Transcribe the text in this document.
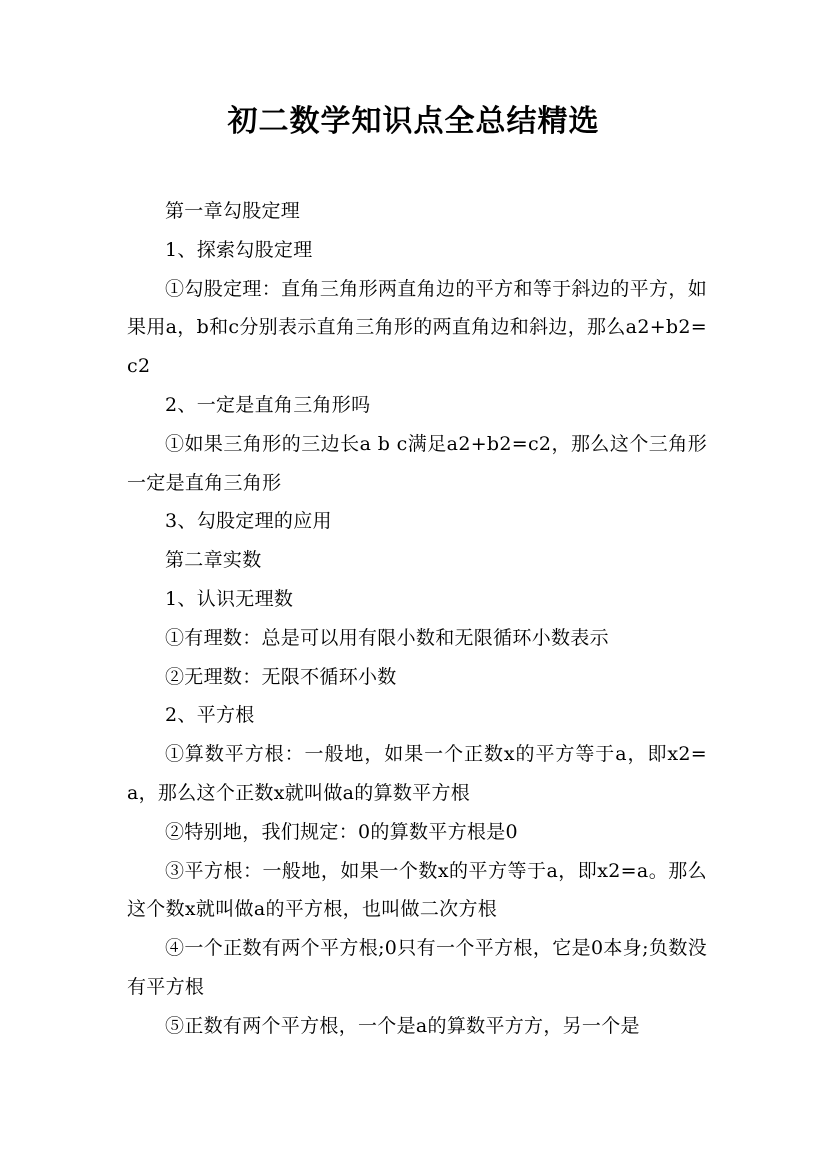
初二数学知识点全总结精选

第一章勾股定理

1、探索勾股定理

①勾股定理：直角三角形两直角边的平方和等于斜边的平方，如果用a，b和c分别表示直角三角形的两直角边和斜边，那么a2+b2=c2

2、一定是直角三角形吗

①如果三角形的三边长a b c满足a2+b2=c2，那么这个三角形一定是直角三角形

3、勾股定理的应用

第二章实数

1、认识无理数

①有理数：总是可以用有限小数和无限循环小数表示

②无理数：无限不循环小数

2、平方根

①算数平方根：一般地，如果一个正数x的平方等于a，即x2=a，那么这个正数x就叫做a的算数平方根

②特别地，我们规定：0的算数平方根是0

③平方根：一般地，如果一个数x的平方等于a，即x2=a。那么这个数x就叫做a的平方根，也叫做二次方根

④一个正数有两个平方根;0只有一个平方根，它是0本身;负数没有平方根

⑤正数有两个平方根，一个是a的算数平方方，另一个是
